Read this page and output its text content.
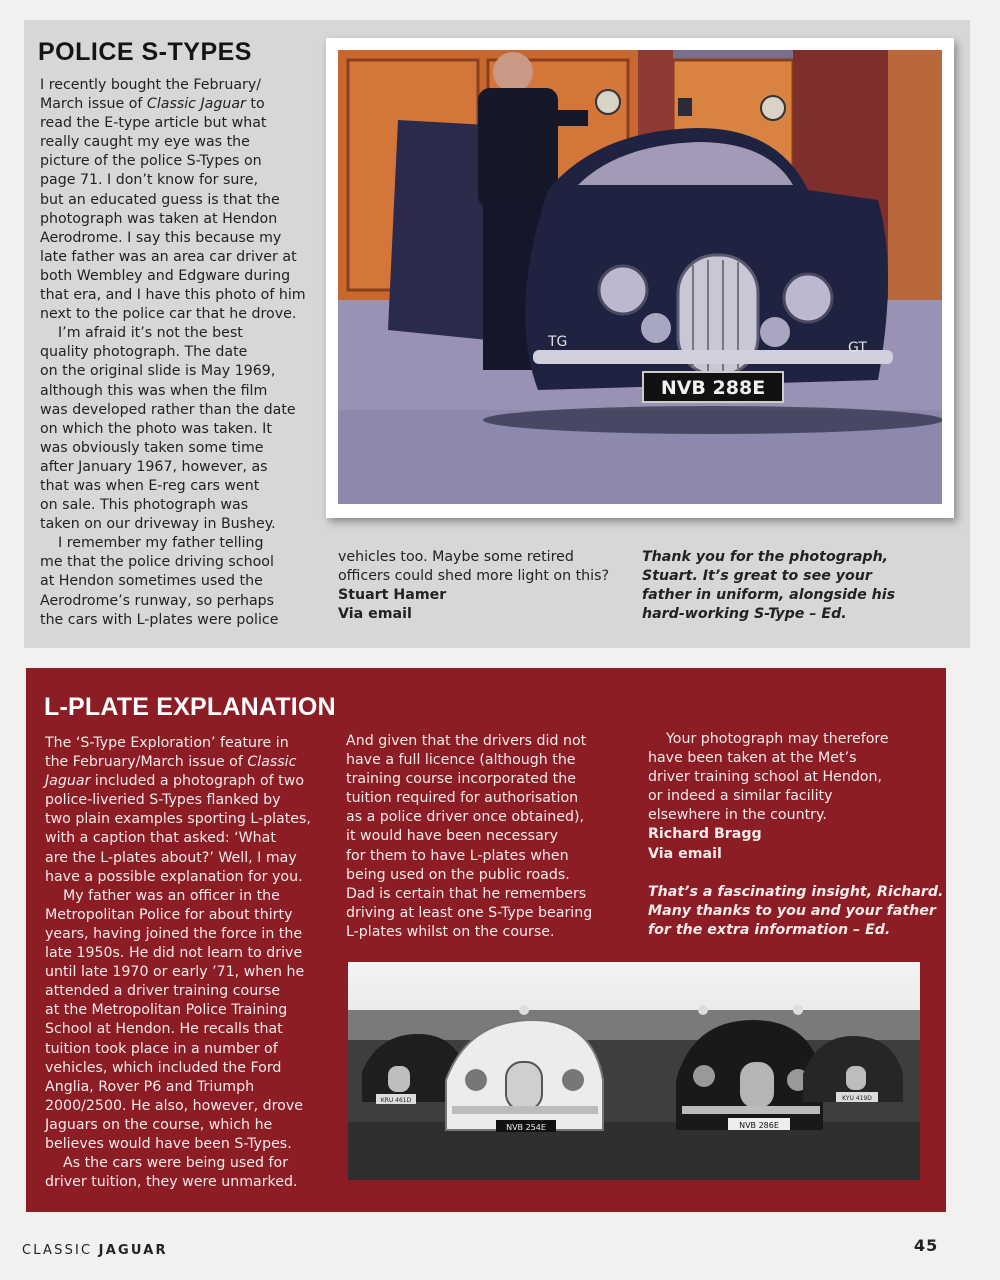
POLICE S-TYPES

I recently bought the February/

March issue of Classic Jaguar to

read the E-type article but what

really caught my eye was the

picture of the police S-Types on

page 71. I don’t know for sure,

but an educated guess is that the

photograph was taken at Hendon

Aerodrome. I say this because my

late father was an area car driver at

both Wembley and Edgware during

that era, and I have this photo of him

next to the police car that he drove.

I’m afraid it’s not the best

quality photograph. The date

on the original slide is May 1969,

although this was when the film

was developed rather than the date

on which the photo was taken. It

was obviously taken some time

after January 1967, however, as

that was when E-reg cars went

on sale. This photograph was

taken on our driveway in Bushey.

I remember my father telling

me that the police driving school

at Hendon sometimes used the

Aerodrome’s runway, so perhaps

the cars with L-plates were police

vehicles too. Maybe some retired

officers could shed more light on this?

Stuart Hamer

Via email

Thank you for the photograph,

Stuart. It’s great to see your

father in uniform, alongside his

hard-working S-Type – Ed.

TG	GT
NVB 288E
L-PLATE EXPLANATION

The ‘S-Type Exploration’ feature in

the February/March issue of Classic

Jaguar included a photograph of two

police-liveried S-Types flanked by

two plain examples sporting L-plates,

with a caption that asked: ‘What

are the L-plates about?’ Well, I may

have a possible explanation for you.

My father was an officer in the

Metropolitan Police for about thirty

years, having joined the force in the

late 1950s. He did not learn to drive

until late 1970 or early ’71, when he

attended a driver training course

at the Metropolitan Police Training

School at Hendon. He recalls that

tuition took place in a number of

vehicles, which included the Ford

Anglia, Rover P6 and Triumph

2000/2500. He also, however, drove

Jaguars on the course, which he

believes would have been S-Types.

As the cars were being used for

driver tuition, they were unmarked.

And given that the drivers did not

have a full licence (although the

training course incorporated the

tuition required for authorisation

as a police driver once obtained),

it would have been necessary

for them to have L-plates when

being used on the public roads.

Dad is certain that he remembers

driving at least one S-Type bearing

L-plates whilst on the course.

Your photograph may therefore

have been taken at the Met’s

driver training school at Hendon,

or indeed a similar facility

elsewhere in the country.

Richard Bragg

Via email

That’s a fascinating insight, Richard.

Many thanks to you and your father

for the extra information – Ed.

KRU 461D
NVB 254E	NVB 286E
KYU 419D
CLASSIC JAGUAR	45
